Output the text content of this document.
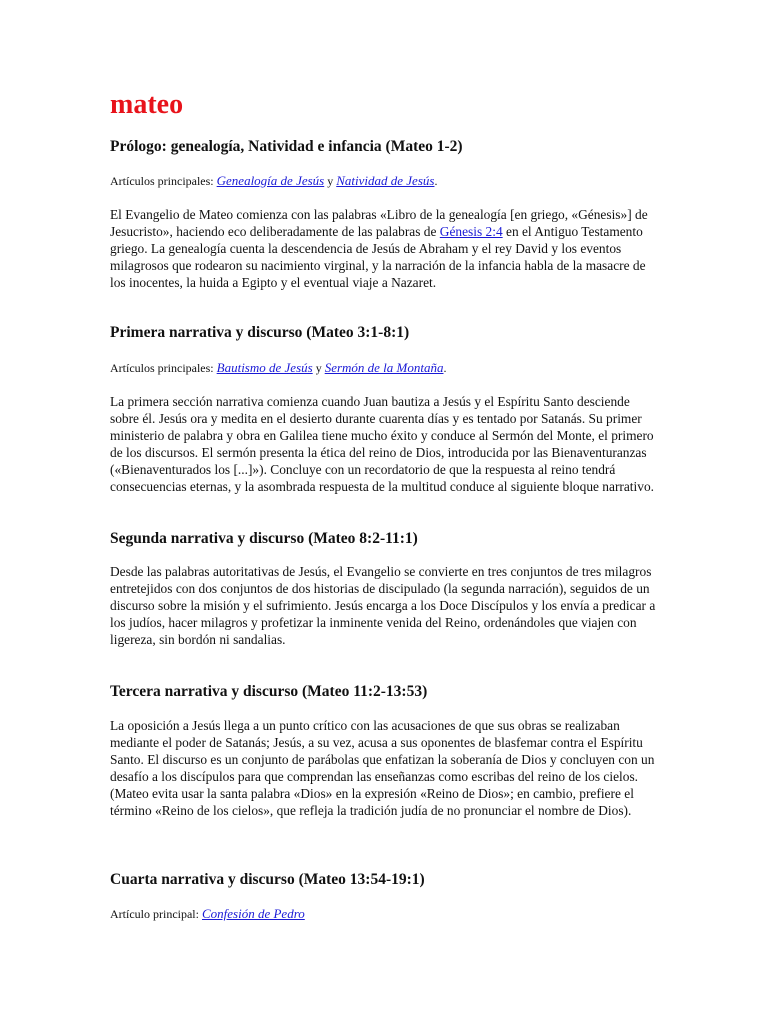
mateo
Prólogo: genealogía, Natividad e infancia (Mateo 1-2)

Artículos principales: Genealogía de Jesús y Natividad de Jesús.

El Evangelio de Mateo comienza con las palabras «Libro de la genealogía [en griego, «Génesis»] de Jesucristo», haciendo eco deliberadamente de las palabras de Génesis 2:4 en el Antiguo Testamento griego. La genealogía cuenta la descendencia de Jesús de Abraham y el rey David y los eventos milagrosos que rodearon su nacimiento virginal, y la narración de la infancia habla de la masacre de los inocentes, la huida a Egipto y el eventual viaje a Nazaret.

Primera narrativa y discurso (Mateo 3:1-8:1)

Artículos principales: Bautismo de Jesús y Sermón de la Montaña.

La primera sección narrativa comienza cuando Juan bautiza a Jesús y el Espíritu Santo desciende sobre él. Jesús ora y medita en el desierto durante cuarenta días y es tentado por Satanás. Su primer ministerio de palabra y obra en Galilea tiene mucho éxito y conduce al Sermón del Monte, el primero de los discursos. El sermón presenta la ética del reino de Dios, introducida por las Bienaventuranzas («Bienaventurados los [...]»). Concluye con un recordatorio de que la respuesta al reino tendrá consecuencias eternas, y la asombrada respuesta de la multitud conduce al siguiente bloque narrativo.

Segunda narrativa y discurso (Mateo 8:2-11:1)

Desde las palabras autoritativas de Jesús, el Evangelio se convierte en tres conjuntos de tres milagros entretejidos con dos conjuntos de dos historias de discipulado (la segunda narración), seguidos de un discurso sobre la misión y el sufrimiento. Jesús encarga a los Doce Discípulos y los envía a predicar a los judíos, hacer milagros y profetizar la inminente venida del Reino, ordenándoles que viajen con ligereza, sin bordón ni sandalias.

Tercera narrativa y discurso (Mateo 11:2-13:53)

La oposición a Jesús llega a un punto crítico con las acusaciones de que sus obras se realizaban mediante el poder de Satanás; Jesús, a su vez, acusa a sus oponentes de blasfemar contra el Espíritu Santo. El discurso es un conjunto de parábolas que enfatizan la soberanía de Dios y concluyen con un desafío a los discípulos para que comprendan las enseñanzas como escribas del reino de los cielos. (Mateo evita usar la santa palabra «Dios» en la expresión «Reino de Dios»; en cambio, prefiere el término «Reino de los cielos», que refleja la tradición judía de no pronunciar el nombre de Dios).

Cuarta narrativa y discurso (Mateo 13:54-19:1)

Artículo principal: Confesión de Pedro
